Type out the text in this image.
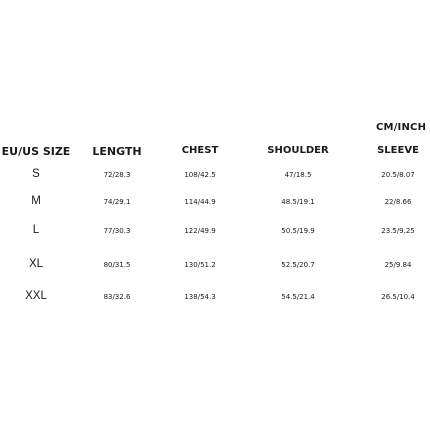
CM/INCH
EU/US SIZE LENGTH	CHEST	SHOULDER	SLEEVE
S	72/28.3	108/42.5	47/18.5	20.5/8.07
M	74/29.1	114/44.9	48.5/19.1	22/8.66
L	77/30.3	122/49.9	50.5/19.9	23.5/9.25
XL	80/31.5	130/51.2	52.5/20.7	25/9.84
XXL	83/32.6	138/54.3	54.5/21.4	26.5/10.4
